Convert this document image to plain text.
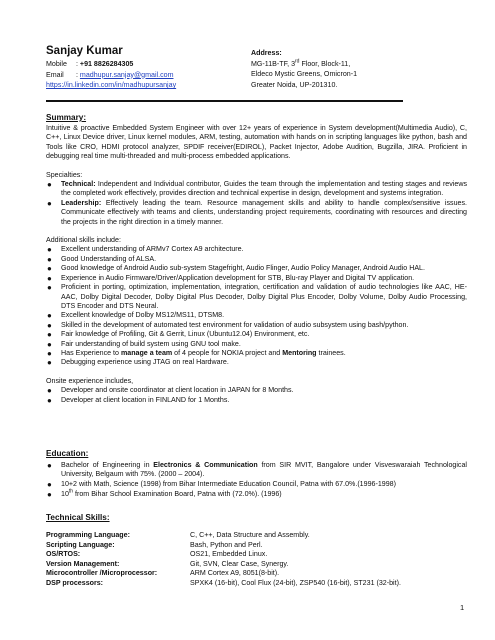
Sanjay Kumar
Mobile : +91 8826284305
Email : madhupur.sanjay@gmail.com
https://in.linkedin.com/in/madhupursanjay
Address:
MG-11B-TF, 3rd Floor, Block-11,
Eldeco Mystic Greens, Omicron-1
Greater Noida, UP-201310.
Summary:
Intuitive & proactive Embedded System Engineer with over 12+ years of experience in System development(Multimedia Audio), C, C++, Linux Device driver, Linux kernel modules, ARM, testing, automation with hands on in scripting languages like python, bash and Tools like CRO, HDMI protocol analyzer, SPDIF receiver(EDIROL), Packet Injector, Adobe Audition, Bugzilla, JIRA. Proficient in debugging real time multi-threaded and multi-process embedded applications.
Specialties:
● Technical: Independent and Individual contributor, Guides the team through the implementation and testing stages and reviews the completed work effectively, provides direction and technical expertise in design, development and systems integration.
● Leadership: Effectively leading the team. Resource management skills and ability to handle complex/sensitive issues. Communicate effectively with teams and clients, understanding project requirements, coordinating with resources and directing the projects in the right direction in a timely manner.
Additional skills include:
● Excellent understanding of ARMv7 Cortex A9 architecture.
● Good Understanding of ALSA.
● Good knowledge of Android Audio sub-system Stagefright, Audio Flinger, Audio Policy Manager, Android Audio HAL.
● Experience in Audio Firmware/Driver/Application development for STB, Blu-ray Player and Digital TV application.
● Proficient in porting, optimization, implementation, integration, certification and validation of audio technologies like AAC, HE-AAC, Dolby Digital Decoder, Dolby Digital Plus Decoder, Dolby Digital Plus Encoder, Dolby Volume, Dolby Audio Processing, DTS Encoder and DTS Neural.
● Excellent knowledge of Dolby MS12/MS11, DTSM8.
● Skilled in the development of automated test environment for validation of audio subsystem using bash/python.
● Fair knowledge of Profiling, Git & Gerrit, Linux (Ubuntu12.04) Environment, etc.
● Fair understanding of build system using GNU tool make.
● Has Experience to manage a team of 4 people for NOKIA project and Mentoring trainees.
● Debugging experience using JTAG on real Hardware.
Onsite experience includes,
● Developer and onsite coordinator at client location in JAPAN for 8 Months.
● Developer at client location in FINLAND for 1 Months.
Education:
● Bachelor of Engineering in Electronics & Communication from SIR MVIT, Bangalore under Visveswaraiah Technological University, Belgaum with 75%. (2000 – 2004).
● 10+2 with Math, Science (1998) from Bihar Intermediate Education Council, Patna with 67.0%.(1996-1998)
● 10th from Bihar School Examination Board, Patna with (72.0%). (1996)
Technical Skills:
Programming Language:	C, C++, Data Structure and Assembly.
Scripting Language:	Bash, Python and Perl.
OS/RTOS:	OS21, Embedded Linux.
Version Management:	Git, SVN, Clear Case, Synergy.
Microcontroller /Microprocessor:	ARM Cortex A9, 8051(8-bit).
DSP processors:	SPXK4 (16-bit), Cool Flux (24-bit), ZSP540 (16-bit), ST231 (32-bit).
1
